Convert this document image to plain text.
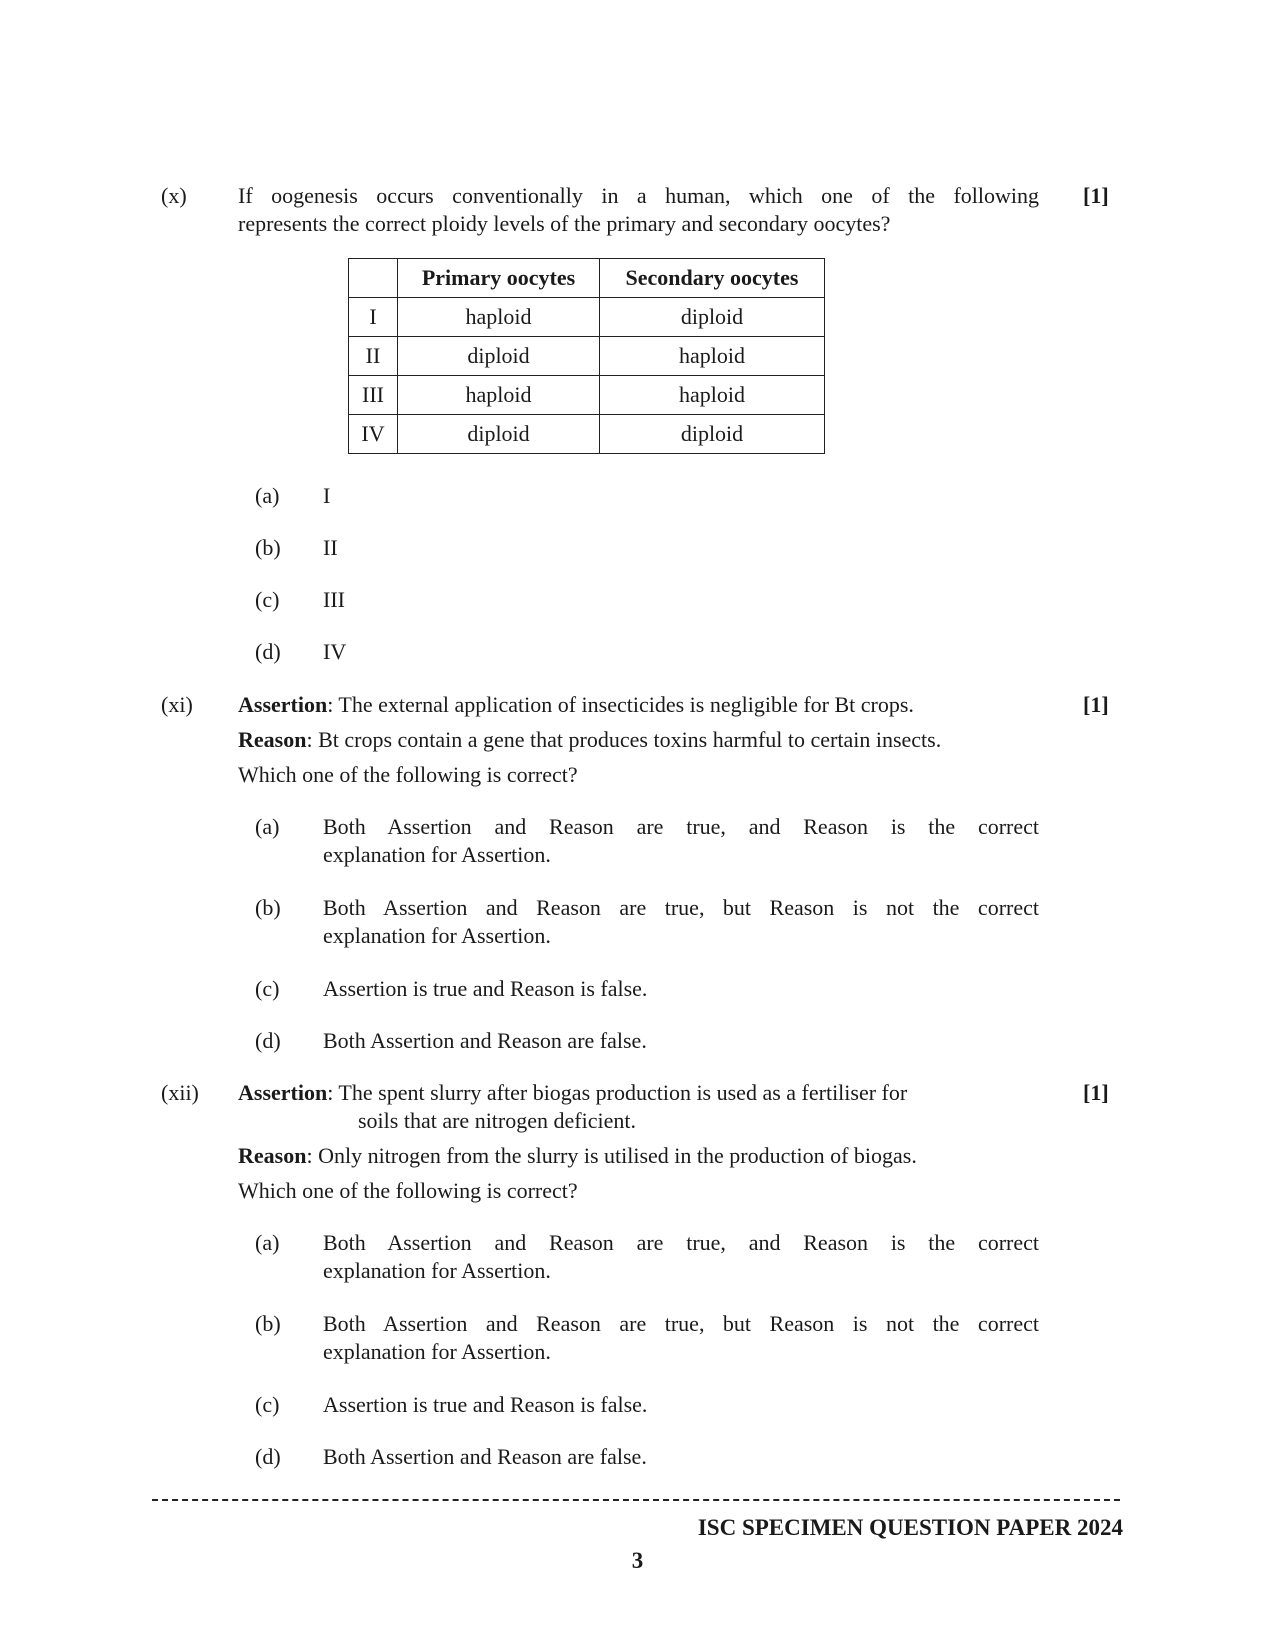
(x)	[1]
If oogenesis occurs conventionally in a human, which one of the following
represents the correct ploidy levels of the primary and secondary oocytes?
	Primary oocytes	Secondary oocytes
I	haploid	diploid
II	diploid	haploid
III	haploid	haploid
IV	diploid	diploid
(a) I
(b) II
(c) III
(d) IV
(xi)	[1]
Assertion: The external application of insecticides is negligible for Bt crops.
Reason: Bt crops contain a gene that produces toxins harmful to certain insects.
Which one of the following is correct?
(a) Both Assertion and Reason are true, and Reason is the correct
explanation for Assertion.
(b) Both Assertion and Reason are true, but Reason is not the correct
explanation for Assertion.
(c) Assertion is true and Reason is false.
(d) Both Assertion and Reason are false.
(xii)	[1]
Assertion: The spent slurry after biogas production is used as a fertiliser for
soils that are nitrogen deficient.
Reason: Only nitrogen from the slurry is utilised in the production of biogas.
Which one of the following is correct?
(a) Both Assertion and Reason are true, and Reason is the correct
explanation for Assertion.
(b) Both Assertion and Reason are true, but Reason is not the correct
explanation for Assertion.
(c) Assertion is true and Reason is false.
(d) Both Assertion and Reason are false.
ISC SPECIMEN QUESTION PAPER 2024
3
